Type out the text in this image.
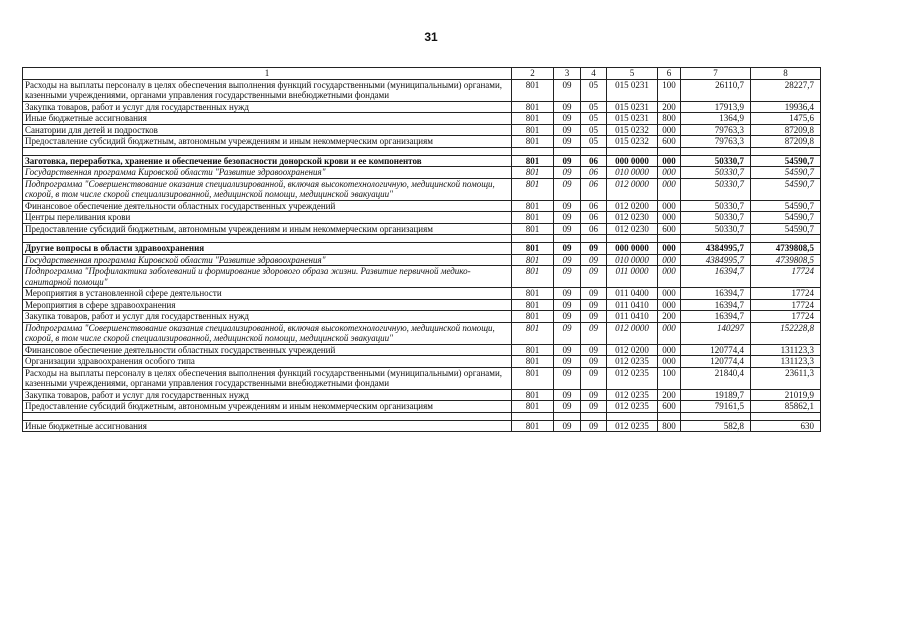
31
1	2	3	4	5	6	7	8
Расходы на выплаты персоналу в целях обеспечения выполнения функций государственными (муниципальными) органами, казенными учреждениями, органами управления государственными внебюджетными фондами	801	09	05	015 0231	100	26110,7	28227,7
Закупка товаров, работ и услуг для государственных нужд	801	09	05	015 0231	200	17913,9	19936,4
Иные бюджетные ассигнования	801	09	05	015 0231	800	1364,9	1475,6
Санатории для детей и подростков	801	09	05	015 0232	000	79763,3	87209,8
Предоставление субсидий бюджетным, автономным учреждениям и иным некоммерческим организациям	801	09	05	015 0232	600	79763,3	87209,8

Заготовка, переработка, хранение и обеспечение безопасности донорской крови и ее компонентов	801	09	06	000 0000	000	50330,7	54590,7
Государственная программа Кировской области "Развитие здравоохранения"	801	09	06	010 0000	000	50330,7	54590,7
Подпрограмма "Совершенствование оказания специализированной, включая высокотехнологичную, медицинской помощи, скорой, в том числе скорой специализированной, медицинской помощи, медицинской эвакуации"	801	09	06	012 0000	000	50330,7	54590,7
Финансовое обеспечение деятельности областных государственных учреждений	801	09	06	012 0200	000	50330,7	54590,7
Центры переливания крови	801	09	06	012 0230	000	50330,7	54590,7
Предоставление субсидий бюджетным, автономным учреждениям и иным некоммерческим организациям	801	09	06	012 0230	600	50330,7	54590,7

Другие вопросы в области здравоохранения	801	09	09	000 0000	000	4384995,7	4739808,5
Государственная программа Кировской области "Развитие здравоохранения"	801	09	09	010 0000	000	4384995,7	4739808,5
Подпрограмма "Профилактика заболеваний и формирование здорового образа жизни. Развитие первичной медико-санитарной помощи"	801	09	09	011 0000	000	16394,7	17724
Мероприятия в установленной сфере деятельности	801	09	09	011 0400	000	16394,7	17724
Мероприятия в сфере здравоохранения	801	09	09	011 0410	000	16394,7	17724
Закупка товаров, работ и услуг для государственных нужд	801	09	09	011 0410	200	16394,7	17724
Подпрограмма "Совершенствование оказания специализированной, включая высокотехнологичную, медицинской помощи, скорой, в том числе скорой специализированной, медицинской помощи, медицинской эвакуации"	801	09	09	012 0000	000	140297	152228,8
Финансовое обеспечение деятельности областных государственных учреждений	801	09	09	012 0200	000	120774,4	131123,3
Организации здравоохранения особого типа	801	09	09	012 0235	000	120774,4	131123,3
Расходы на выплаты персоналу в целях обеспечения выполнения функций государственными (муниципальными) органами, казенными учреждениями, органами управления государственными внебюджетными фондами	801	09	09	012 0235	100	21840,4	23611,3
Закупка товаров, работ и услуг для государственных нужд	801	09	09	012 0235	200	19189,7	21019,9
Предоставление субсидий бюджетным, автономным учреждениям и иным некоммерческим организациям	801	09	09	012 0235	600	79161,5	85862,1

Иные бюджетные ассигнования	801	09	09	012 0235	800	582,8	630
